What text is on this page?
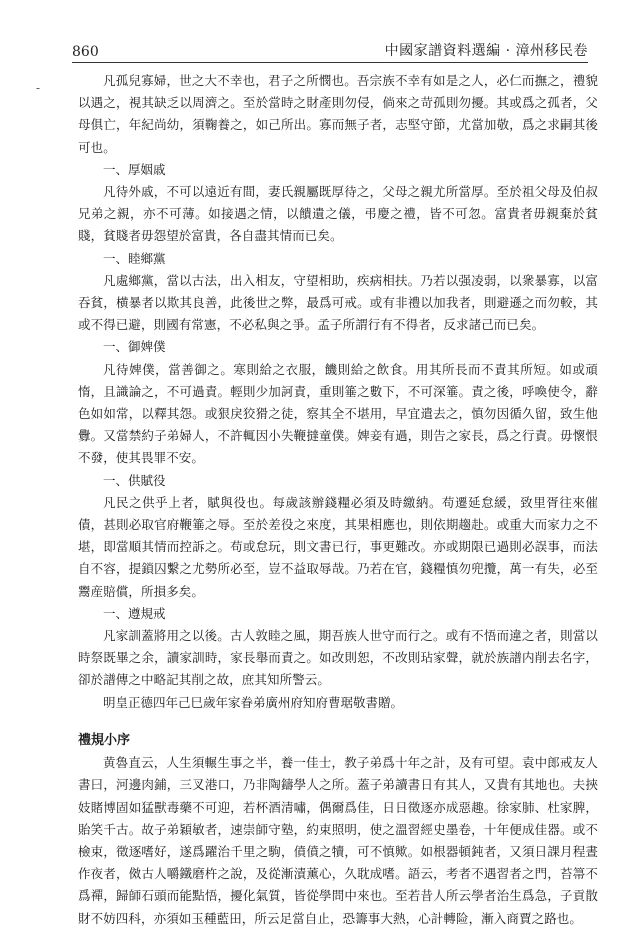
860	中國家譜資料選編 · 漳州移民卷
-	凡孤兒寡婦，世之大不幸也，君子之所憫也。吾宗族不幸有如是之人，必仁而撫之，禮貌以遇之，視其缺乏以周濟之。至於當時之財產則勿侵，倘來之苛孤則勿擾。其或爲之孤者，父母俱亡，年紀尚幼，須鞠養之，如己所出。寡而無子者，志堅守節，尤當加敬，爲之求嗣其後可也。

一、厚姻戚

凡待外戚，不可以遠近有間，妻氏親屬既厚待之，父母之親尤所當厚。至於祖父母及伯叔兄弟之親，亦不可薄。如接遇之情，以饋遺之儀，弔慶之禮，皆不可忽。富貴者毋親棄於貧賤，貧賤者毋怨望於富貴，各自盡其情而已矣。

一、睦鄉黨

凡處鄉黨，當以古法，出入相友，守望相助，疾病相扶。乃若以强凌弱，以衆暴寡，以富吞貧，横暴者以欺其良善，此後世之弊，最爲可戒。或有非禮以加我者，則避遜之而勿較，其或不得已避，則國有常憲，不必私與之爭。孟子所謂行有不得者，反求諸己而已矣。

一、御婢僕

凡待婢僕，當善御之。寒則給之衣服，饑則給之飲食。用其所長而不責其所短。如或頑惰，且識論之，不可過責。輕則少加訶責，重則箠之數下，不可深箠。責之後，呼喚使令，辭色如如常，以釋其怨。或狠戾狡猾之徒，察其全不堪用，早宜遣去之，慎勿因循久留，致生他釁。又當禁約子弟婦人，不許輒因小失鞭撻童僕。婢妾有過，則告之家長，爲之行責。毋懷恨不發，使其畏罪不安。

一、供賦役

凡民之供乎上者，賦與役也。每歲該辦錢糧必須及時繳納。苟遷延怠緩，致里胥往來催債，甚則必取官府鞭箠之辱。至於差役之來度，其果相應也，則依期趨赴。或重大而家力之不堪，即當順其情而控訴之。苟或怠玩，則文書已行，事更難改。亦或期限已過則必誤事，而法自不容，提鎖囚繫之尤勢所必至，豈不益取辱哉。乃若在官，錢糧慎勿兜攬，萬一有失，必至鬻産賠償，所損多矣。

一、遵規戒

凡家訓蓋將用之以後。古人敦睦之風，期吾族人世守而行之。或有不悟而違之者，則當以時祭既畢之余，讀家訓時，家長舉而責之。如改則恕，不改則玷家聲，就於族譜内削去名字，卻於譜傳之中略記其削之故，庶其知所警云。

明皇正德四年己巳歲年家眷弟廣州府知府曹琚敬書贈。

禮規小序

黄魯直云，人生須輾生事之半，養一佳士，教子弟爲十年之計，及有可望。袁中郎戒友人書曰，河邊肉鋪，三叉港口，乃非陶鑄學人之所。蓋子弟讀書日有其人，又貴有其地也。夫挾妓賭博固如猛獸毒藥不可迎，若杯酒清嘯，偶爾爲佳，日日徵逐亦成惡趣。徐家肺、杜家脾，貽笑千古。故子弟穎敏者，速崇師守塾，約束照明，使之溫習經史墨卷，十年便成佳器。或不檢束，徵逐嗜好，遂爲躍治千里之駒，僨僨之犢，可不慎歟。如根器頓鈍者，又須日課月程晝作夜者，傚古人嚼鐵磨杵之說，及從漸漬薰心，久耽成嗜。語云，考者不遇習者之門，苔箒不爲禪，歸師石頭而能點悟，擾化氣質，皆從學問中來也。至若昔人所云學者治生爲急，子貢散財不妨四科，亦須如玉種藍田，所云足當自止，恐籌事大熱，心計轉险，漸入商賈之路也。
